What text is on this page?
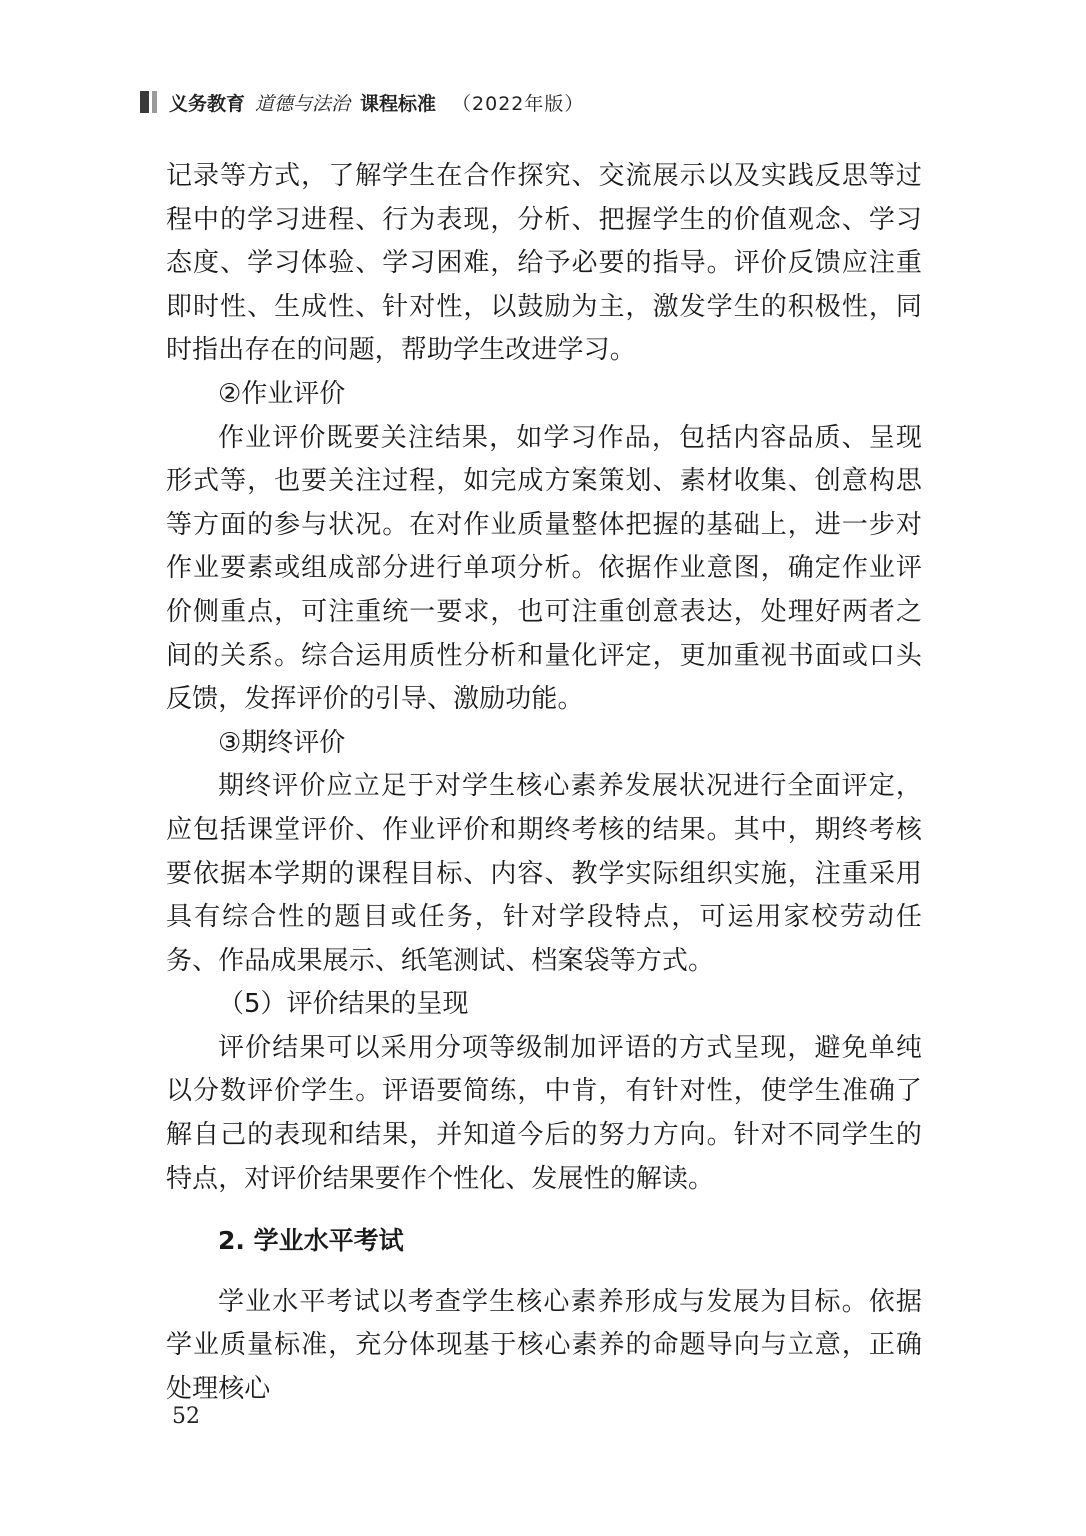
义务教育 道德与法治 课程标准 （2022年版）

记录等方式，了解学生在合作探究、交流展示以及实践反思等过程中的学习进程、行为表现，分析、把握学生的价值观念、学习态度、学习体验、学习困难，给予必要的指导。评价反馈应注重即时性、生成性、针对性，以鼓励为主，激发学生的积极性，同时指出存在的问题，帮助学生改进学习。

②作业评价

作业评价既要关注结果，如学习作品，包括内容品质、呈现形式等，也要关注过程，如完成方案策划、素材收集、创意构思等方面的参与状况。在对作业质量整体把握的基础上，进一步对作业要素或组成部分进行单项分析。依据作业意图，确定作业评价侧重点，可注重统一要求，也可注重创意表达，处理好两者之间的关系。综合运用质性分析和量化评定，更加重视书面或口头反馈，发挥评价的引导、激励功能。

③期终评价

期终评价应立足于对学生核心素养发展状况进行全面评定，应包括课堂评价、作业评价和期终考核的结果。其中，期终考核要依据本学期的课程目标、内容、教学实际组织实施，注重采用具有综合性的题目或任务，针对学段特点，可运用家校劳动任务、作品成果展示、纸笔测试、档案袋等方式。

（5）评价结果的呈现

评价结果可以采用分项等级制加评语的方式呈现，避免单纯以分数评价学生。评语要简练，中肯，有针对性，使学生准确了解自己的表现和结果，并知道今后的努力方向。针对不同学生的特点，对评价结果要作个性化、发展性的解读。

2. 学业水平考试

学业水平考试以考查学生核心素养形成与发展为目标。依据学业质量标准，充分体现基于核心素养的命题导向与立意，正确处理核心

52
